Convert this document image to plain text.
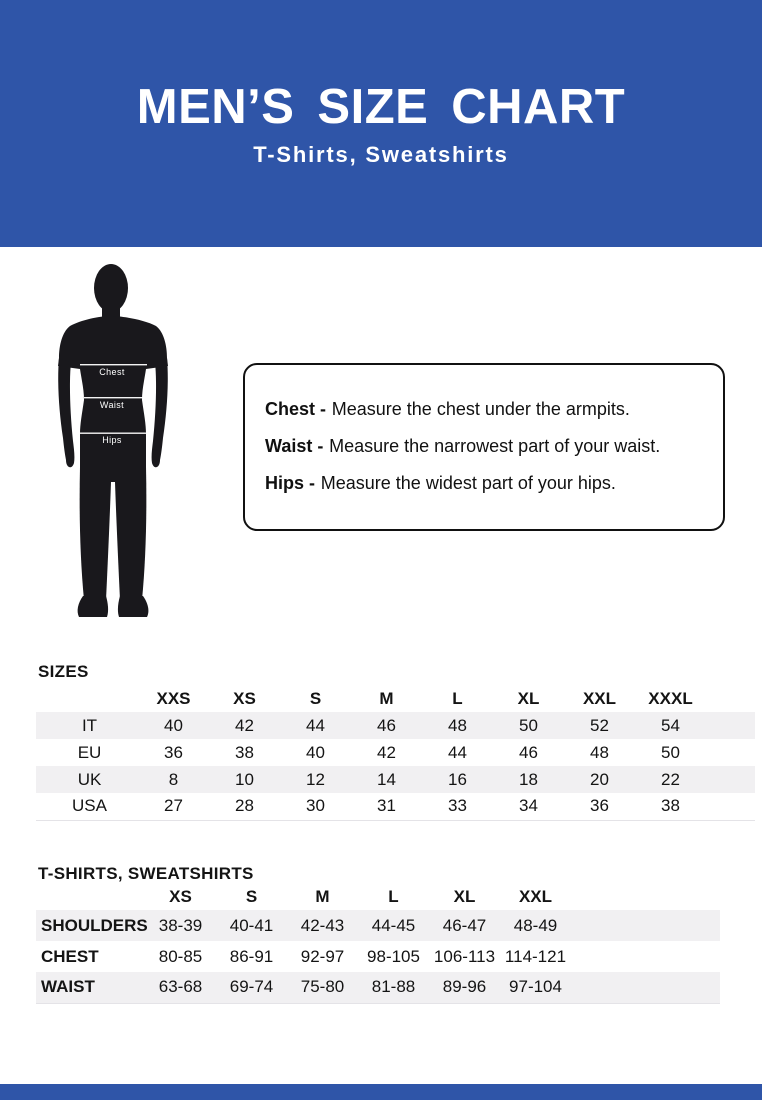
MEN’S SIZE CHART
T-Shirts, Sweatshirts
Chest
Waist
Hips
Chest - Measure the chest under the armpits.
Waist - Measure the narrowest part of your waist.
Hips - Measure the widest part of your hips.
SIZES
	XXS	XS	S	M	L	XL	XXL	XXXL	
IT	40	42	44	46	48	50	52	54	
EU	36	38	40	42	44	46	48	50	
UK	8	10	12	14	16	18	20	22	
USA	27	28	30	31	33	34	36	38	
T-SHIRTS, SWEATSHIRTS
	XS	S	M	L	XL	XXL	
SHOULDERS	38-39	40-41	42-43	44-45	46-47	48-49	
CHEST	80-85	86-91	92-97	98-105	106-113	114-121	
WAIST	63-68	69-74	75-80	81-88	89-96	97-104	
